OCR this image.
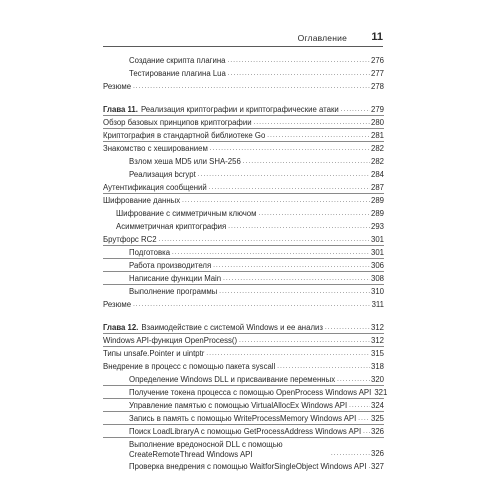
Оглавление 11
Создание скрипта плагина .....	276
Тестирование плагина Lua .....	277
Резюме .....	278
Глава 11. Реализация криптографии и криптографические атаки .....	279
Обзор базовых принципов криптографии .....	280
Криптография в стандартной библиотеке Go .....	281
Знакомство с хешированием .....	282
Взлом хеша MD5 или SHA-256 .....	282
Реализация bcrypt .....	284
Аутентификация сообщений .....	287
Шифрование данных .....	289
Шифрование с симметричным ключом .....	289
Асимметричная криптография .....	293
Брутфорс RC2 .....	301
Подготовка .....	301
Работа производителя .....	306
Написание функции Main .....	308
Выполнение программы .....	310
Резюме .....	311
Глава 12. Взаимодействие с системой Windows и ее анализ .....	312
Windows API-функция OpenProcess() .....	312
Типы unsafe.Pointer и uintptr .....	315
Внедрение в процесс с помощью пакета syscall .....	318
Определение Windows DLL и присваивание переменных .....	320
Получение токена процесса с помощью OpenProcess Windows API 321
Управление памятью с помощью VirtualAllocEx Windows API .....	324
Запись в память с помощью WriteProcessMemory Windows API ..... 325
Поиск LoadLibraryA с помощью GetProcessAddress Windows API ..... 326
Выполнение вредоносной DLL с помощью CreateRemoteThread Windows API .....	326
Проверка внедрения с помощью WaitforSingleObject Windows API ..... 327
